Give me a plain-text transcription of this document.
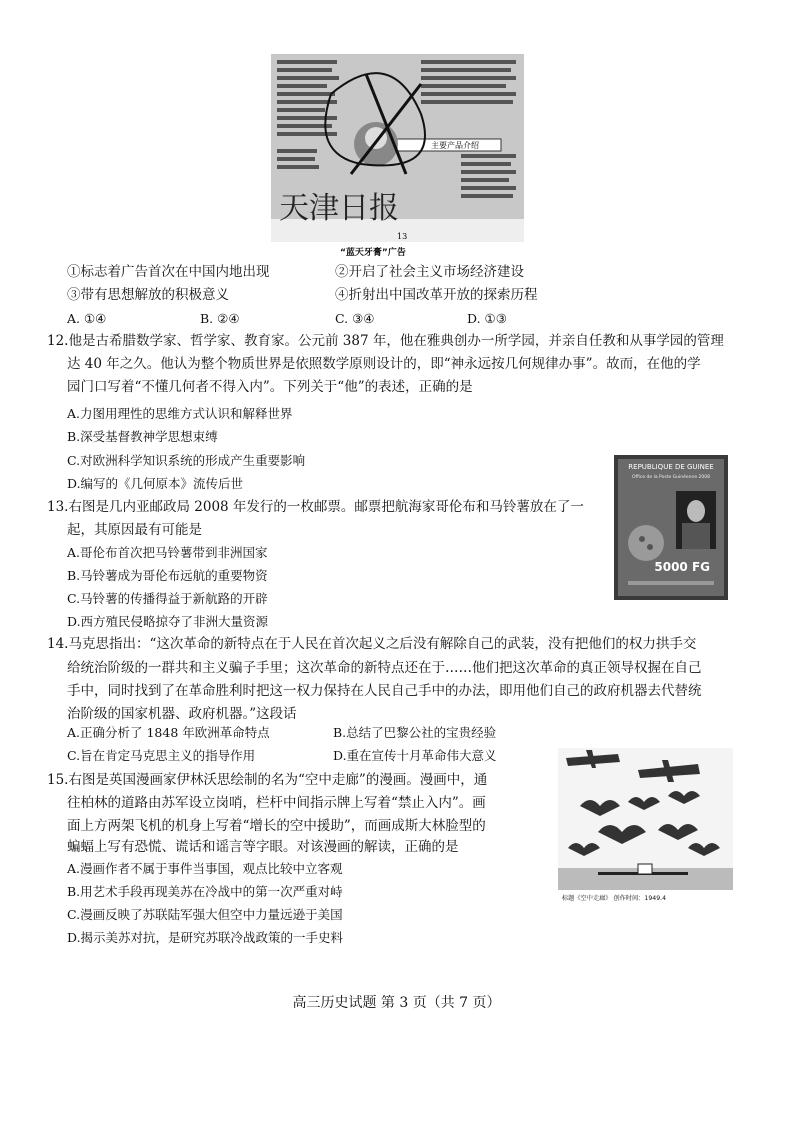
天津日报
主要产品介绍
13
“蓝天牙膏”广告
①标志着广告首次在中国内地出现	②开启了社会主义市场经济建设
③带有思想解放的积极意义	④折射出中国改革开放的探索历程
A. ①④	B. ②④	C. ③④	D. ①③
12.他是古希腊数学家、哲学家、教育家。公元前 387 年，他在雅典创办一所学园，并亲自任教和从事学园的管理
达 40 年之久。他认为整个物质世界是依照数学原则设计的，即“神永远按几何规律办事”。故而，在他的学
园门口写着“不懂几何者不得入内”。下列关于“他”的表述，正确的是
A.力图用理性的思维方式认识和解释世界
B.深受基督教神学思想束缚
C.对欧洲科学知识系统的形成产生重要影响
D.编写的《几何原本》流传后世
REPUBLIQUE DE GUINEE
Office de la Poste Guinéenne 2008
5000 FG
13.右图是几内亚邮政局 2008 年发行的一枚邮票。邮票把航海家哥伦布和马铃薯放在了一
起，其原因最有可能是
A.哥伦布首次把马铃薯带到非洲国家
B.马铃薯成为哥伦布远航的重要物资
C.马铃薯的传播得益于新航路的开辟
D.西方殖民侵略掠夺了非洲大量资源
14.马克思指出：“这次革命的新特点在于人民在首次起义之后没有解除自己的武装，没有把他们的权力拱手交
给统治阶级的一群共和主义骗子手里；这次革命的新特点还在于……他们把这次革命的真正领导权握在自己
手中，同时找到了在革命胜利时把这一权力保持在人民自己手中的办法，即用他们自己的政府机器去代替统
治阶级的国家机器、政府机器。”这段话
A.正确分析了 1848 年欧洲革命特点	B.总结了巴黎公社的宝贵经验
C.旨在肯定马克思主义的指导作用	D.重在宣传十月革命伟大意义
标题《空中走廊》 创作时间：1949.4
15.右图是英国漫画家伊林沃思绘制的名为“空中走廊”的漫画。漫画中，通
往柏林的道路由苏军设立岗哨，栏杆中间指示牌上写着“禁止入内”。画
面上方两架飞机的机身上写着“增长的空中援助”，而画成斯大林脸型的
蝙蝠上写有恐慌、谎话和谣言等字眼。对该漫画的解读，正确的是
A.漫画作者不属于事件当事国，观点比较中立客观
B.用艺术手段再现美苏在冷战中的第一次严重对峙
C.漫画反映了苏联陆军强大但空中力量远逊于美国
D.揭示美苏对抗，是研究苏联冷战政策的一手史料
高三历史试题 第 3 页（共 7 页）
